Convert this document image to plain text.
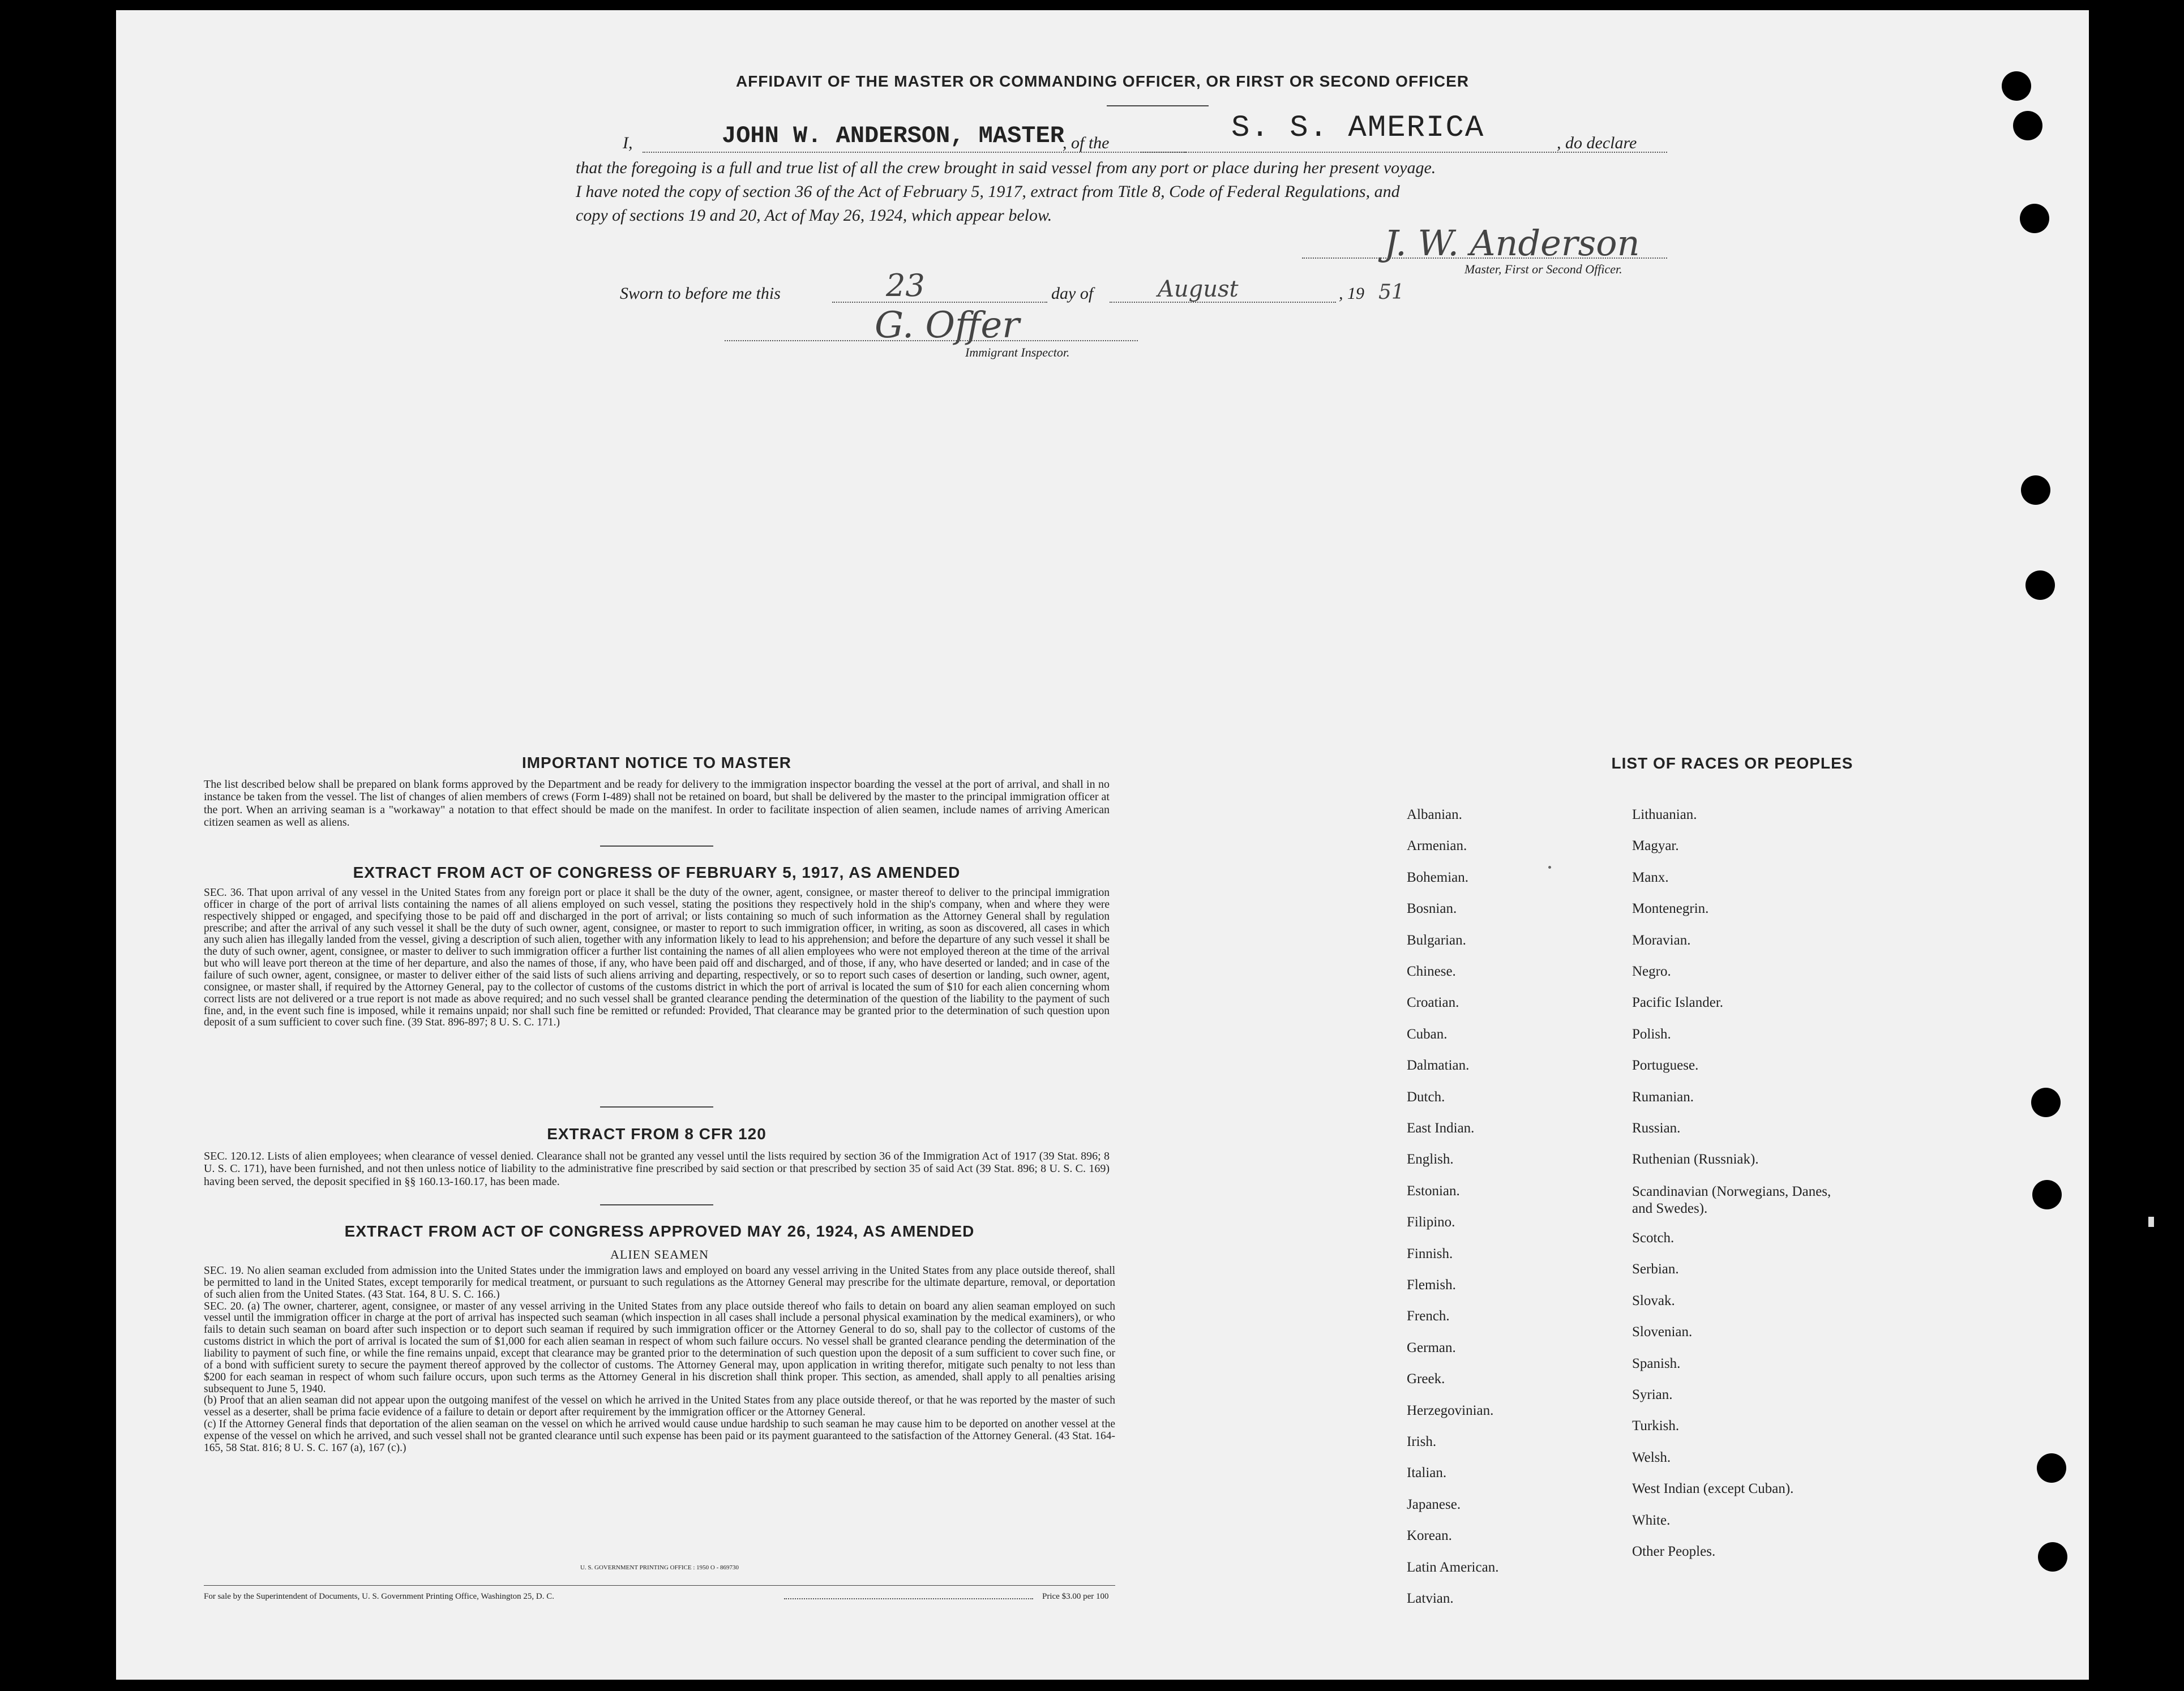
AFFIDAVIT OF THE MASTER OR COMMANDING OFFICER, OR FIRST OR SECOND OFFICER
I,	JOHN W. ANDERSON, MASTER
, of the	S. S. AMERICA	, do declare
that the foregoing is a full and true list of all the crew brought in said vessel from any port or place during her present voyage.
I have noted the copy of section 36 of the Act of February 5, 1917, extract from Title 8, Code of Federal Regulations, and
copy of sections 19 and 20, Act of May 26, 1924, which appear below.
J. W. Anderson
Master, First or Second Officer.
Sworn to before me this	23	day of	August	, 19 51
G. Offer
Immigrant Inspector.
IMPORTANT NOTICE TO MASTER
The list described below shall be prepared on blank forms approved by the Department and be ready for delivery to the immigration inspector boarding the vessel at the port of arrival, and shall in no instance be taken from the vessel. The list of changes of alien members of crews (Form I-489) shall not be retained on board, but shall be delivered by the master to the principal immigration officer at the port. When an arriving seaman is a "workaway" a notation to that effect should be made on the manifest. In order to facilitate inspection of alien seamen, include names of arriving American citizen seamen as well as aliens.
EXTRACT FROM ACT OF CONGRESS OF FEBRUARY 5, 1917, AS AMENDED
SEC. 36. That upon arrival of any vessel in the United States from any foreign port or place it shall be the duty of the owner, agent, consignee, or master thereof to deliver to the principal immigration officer in charge of the port of arrival lists containing the names of all aliens employed on such vessel, stating the positions they respectively hold in the ship's company, when and where they were respectively shipped or engaged, and specifying those to be paid off and discharged in the port of arrival; or lists containing so much of such information as the Attorney General shall by regulation prescribe; and after the arrival of any such vessel it shall be the duty of such owner, agent, consignee, or master to report to such immigration officer, in writing, as soon as discovered, all cases in which any such alien has illegally landed from the vessel, giving a description of such alien, together with any information likely to lead to his apprehension; and before the departure of any such vessel it shall be the duty of such owner, agent, consignee, or master to deliver to such immigration officer a further list containing the names of all alien employees who were not employed thereon at the time of the arrival but who will leave port thereon at the time of her departure, and also the names of those, if any, who have been paid off and discharged, and of those, if any, who have deserted or landed; and in case of the failure of such owner, agent, consignee, or master to deliver either of the said lists of such aliens arriving and departing, respectively, or so to report such cases of desertion or landing, such owner, agent, consignee, or master shall, if required by the Attorney General, pay to the collector of customs of the customs district in which the port of arrival is located the sum of $10 for each alien concerning whom correct lists are not delivered or a true report is not made as above required; and no such vessel shall be granted clearance pending the determination of the question of the liability to the payment of such fine, and, in the event such fine is imposed, while it remains unpaid; nor shall such fine be remitted or refunded: Provided, That clearance may be granted prior to the determination of such question upon deposit of a sum sufficient to cover such fine. (39 Stat. 896-897; 8 U. S. C. 171.)
EXTRACT FROM 8 CFR 120
SEC. 120.12. Lists of alien employees; when clearance of vessel denied. Clearance shall not be granted any vessel until the lists required by section 36 of the Immigration Act of 1917 (39 Stat. 896; 8 U. S. C. 171), have been furnished, and not then unless notice of liability to the administrative fine prescribed by said section or that prescribed by section 35 of said Act (39 Stat. 896; 8 U. S. C. 169) having been served, the deposit specified in §§ 160.13-160.17, has been made.
EXTRACT FROM ACT OF CONGRESS APPROVED MAY 26, 1924, AS AMENDED
ALIEN SEAMEN
SEC. 19. No alien seaman excluded from admission into the United States under the immigration laws and employed on board any vessel arriving in the United States from any place outside thereof, shall be permitted to land in the United States, except temporarily for medical treatment, or pursuant to such regulations as the Attorney General may prescribe for the ultimate departure, removal, or deportation of such alien from the United States. (43 Stat. 164, 8 U. S. C. 166.)
SEC. 20. (a) The owner, charterer, agent, consignee, or master of any vessel arriving in the United States from any place outside thereof who fails to detain on board any alien seaman employed on such vessel until the immigration officer in charge at the port of arrival has inspected such seaman (which inspection in all cases shall include a personal physical examination by the medical examiners), or who fails to detain such seaman on board after such inspection or to deport such seaman if required by such immigration officer or the Attorney General to do so, shall pay to the collector of customs of the customs district in which the port of arrival is located the sum of $1,000 for each alien seaman in respect of whom such failure occurs. No vessel shall be granted clearance pending the determination of the liability to payment of such fine, or while the fine remains unpaid, except that clearance may be granted prior to the determination of such question upon the deposit of a sum sufficient to cover such fine, or of a bond with sufficient surety to secure the payment thereof approved by the collector of customs. The Attorney General may, upon application in writing therefor, mitigate such penalty to not less than $200 for each seaman in respect of whom such failure occurs, upon such terms as the Attorney General in his discretion shall think proper. This section, as amended, shall apply to all penalties arising subsequent to June 5, 1940.
(b) Proof that an alien seaman did not appear upon the outgoing manifest of the vessel on which he arrived in the United States from any place outside thereof, or that he was reported by the master of such vessel as a deserter, shall be prima facie evidence of a failure to detain or deport after requirement by the immigration officer or the Attorney General.
(c) If the Attorney General finds that deportation of the alien seaman on the vessel on which he arrived would cause undue hardship to such seaman he may cause him to be deported on another vessel at the expense of the vessel on which he arrived, and such vessel shall not be granted clearance until such expense has been paid or its payment guaranteed to the satisfaction of the Attorney General. (43 Stat. 164-165, 58 Stat. 816; 8 U. S. C. 167 (a), 167 (c).)
U. S. GOVERNMENT PRINTING OFFICE : 1950 O - 869730
For sale by the Superintendent of Documents, U. S. Government Printing Office, Washington 25, D. C.	Price $3.00 per 100
LIST OF RACES OR PEOPLES
Albanian.
Armenian.
Bohemian.
Bosnian.
Bulgarian.
Chinese.
Croatian.
Cuban.
Dalmatian.
Dutch.
East Indian.
English.
Estonian.
Filipino.
Finnish.
Flemish.
French.
German.
Greek.
Herzegovinian.
Irish.
Italian.
Japanese.
Korean.
Latin American.
Latvian.
Lithuanian.
Magyar.
Manx.
Montenegrin.
Moravian.
Negro.
Pacific Islander.
Polish.
Portuguese.
Rumanian.
Russian.
Ruthenian (Russniak).
Scandinavian (Norwegians, Danes, and Swedes).
Scotch.
Serbian.
Slovak.
Slovenian.
Spanish.
Syrian.
Turkish.
Welsh.
West Indian (except Cuban).
White.
Other Peoples.
